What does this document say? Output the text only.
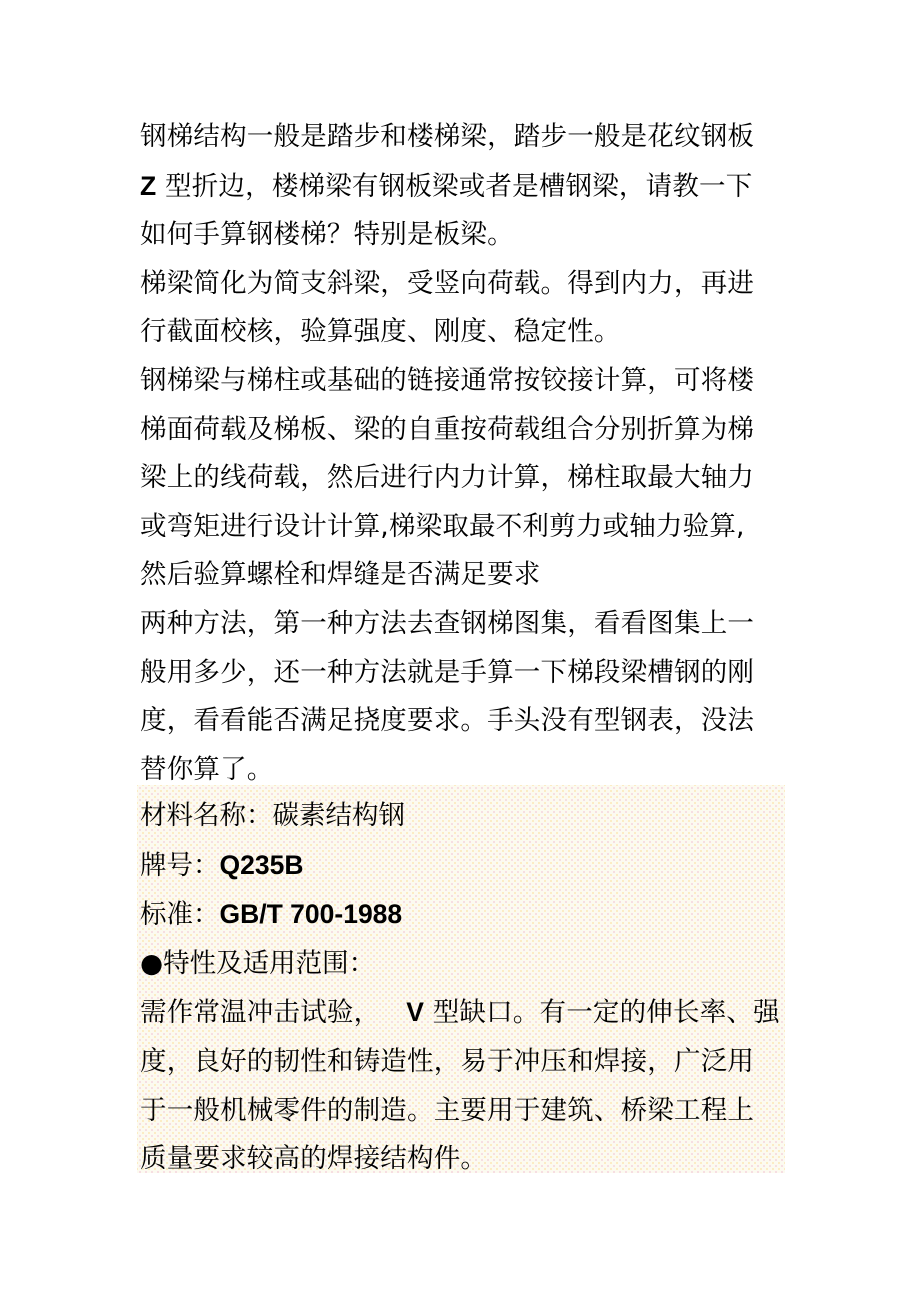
钢梯结构一般是踏步和楼梯梁，踏步一般是花纹钢板
Z 型折边，楼梯梁有钢板梁或者是槽钢梁，请教一下
如何手算钢楼梯？特别是板梁。

梯梁简化为简支斜梁，受竖向荷载。得到内力，再进
行截面校核，验算强度、刚度、稳定性。

钢梯梁与梯柱或基础的链接通常按铰接计算，可将楼
梯面荷载及梯板、梁的自重按荷载组合分别折算为梯
梁上的线荷载，然后进行内力计算，梯柱取最大轴力
或弯矩进行设计计算,梯梁取最不利剪力或轴力验算,
然后验算螺栓和焊缝是否满足要求

两种方法，第一种方法去查钢梯图集，看看图集上一
般用多少，还一种方法就是手算一下梯段梁槽钢的刚
度，看看能否满足挠度要求。手头没有型钢表，没法
替你算了。

材料名称：碳素结构钢

牌号：Q235B

标准：GB/T 700-1988

●特性及适用范围：

需作常温冲击试验， V 型缺口。有一定的伸长率、强
度，良好的韧性和铸造性，易于冲压和焊接，广泛用
于一般机械零件的制造。主要用于建筑、桥梁工程上
质量要求较高的焊接结构件。
